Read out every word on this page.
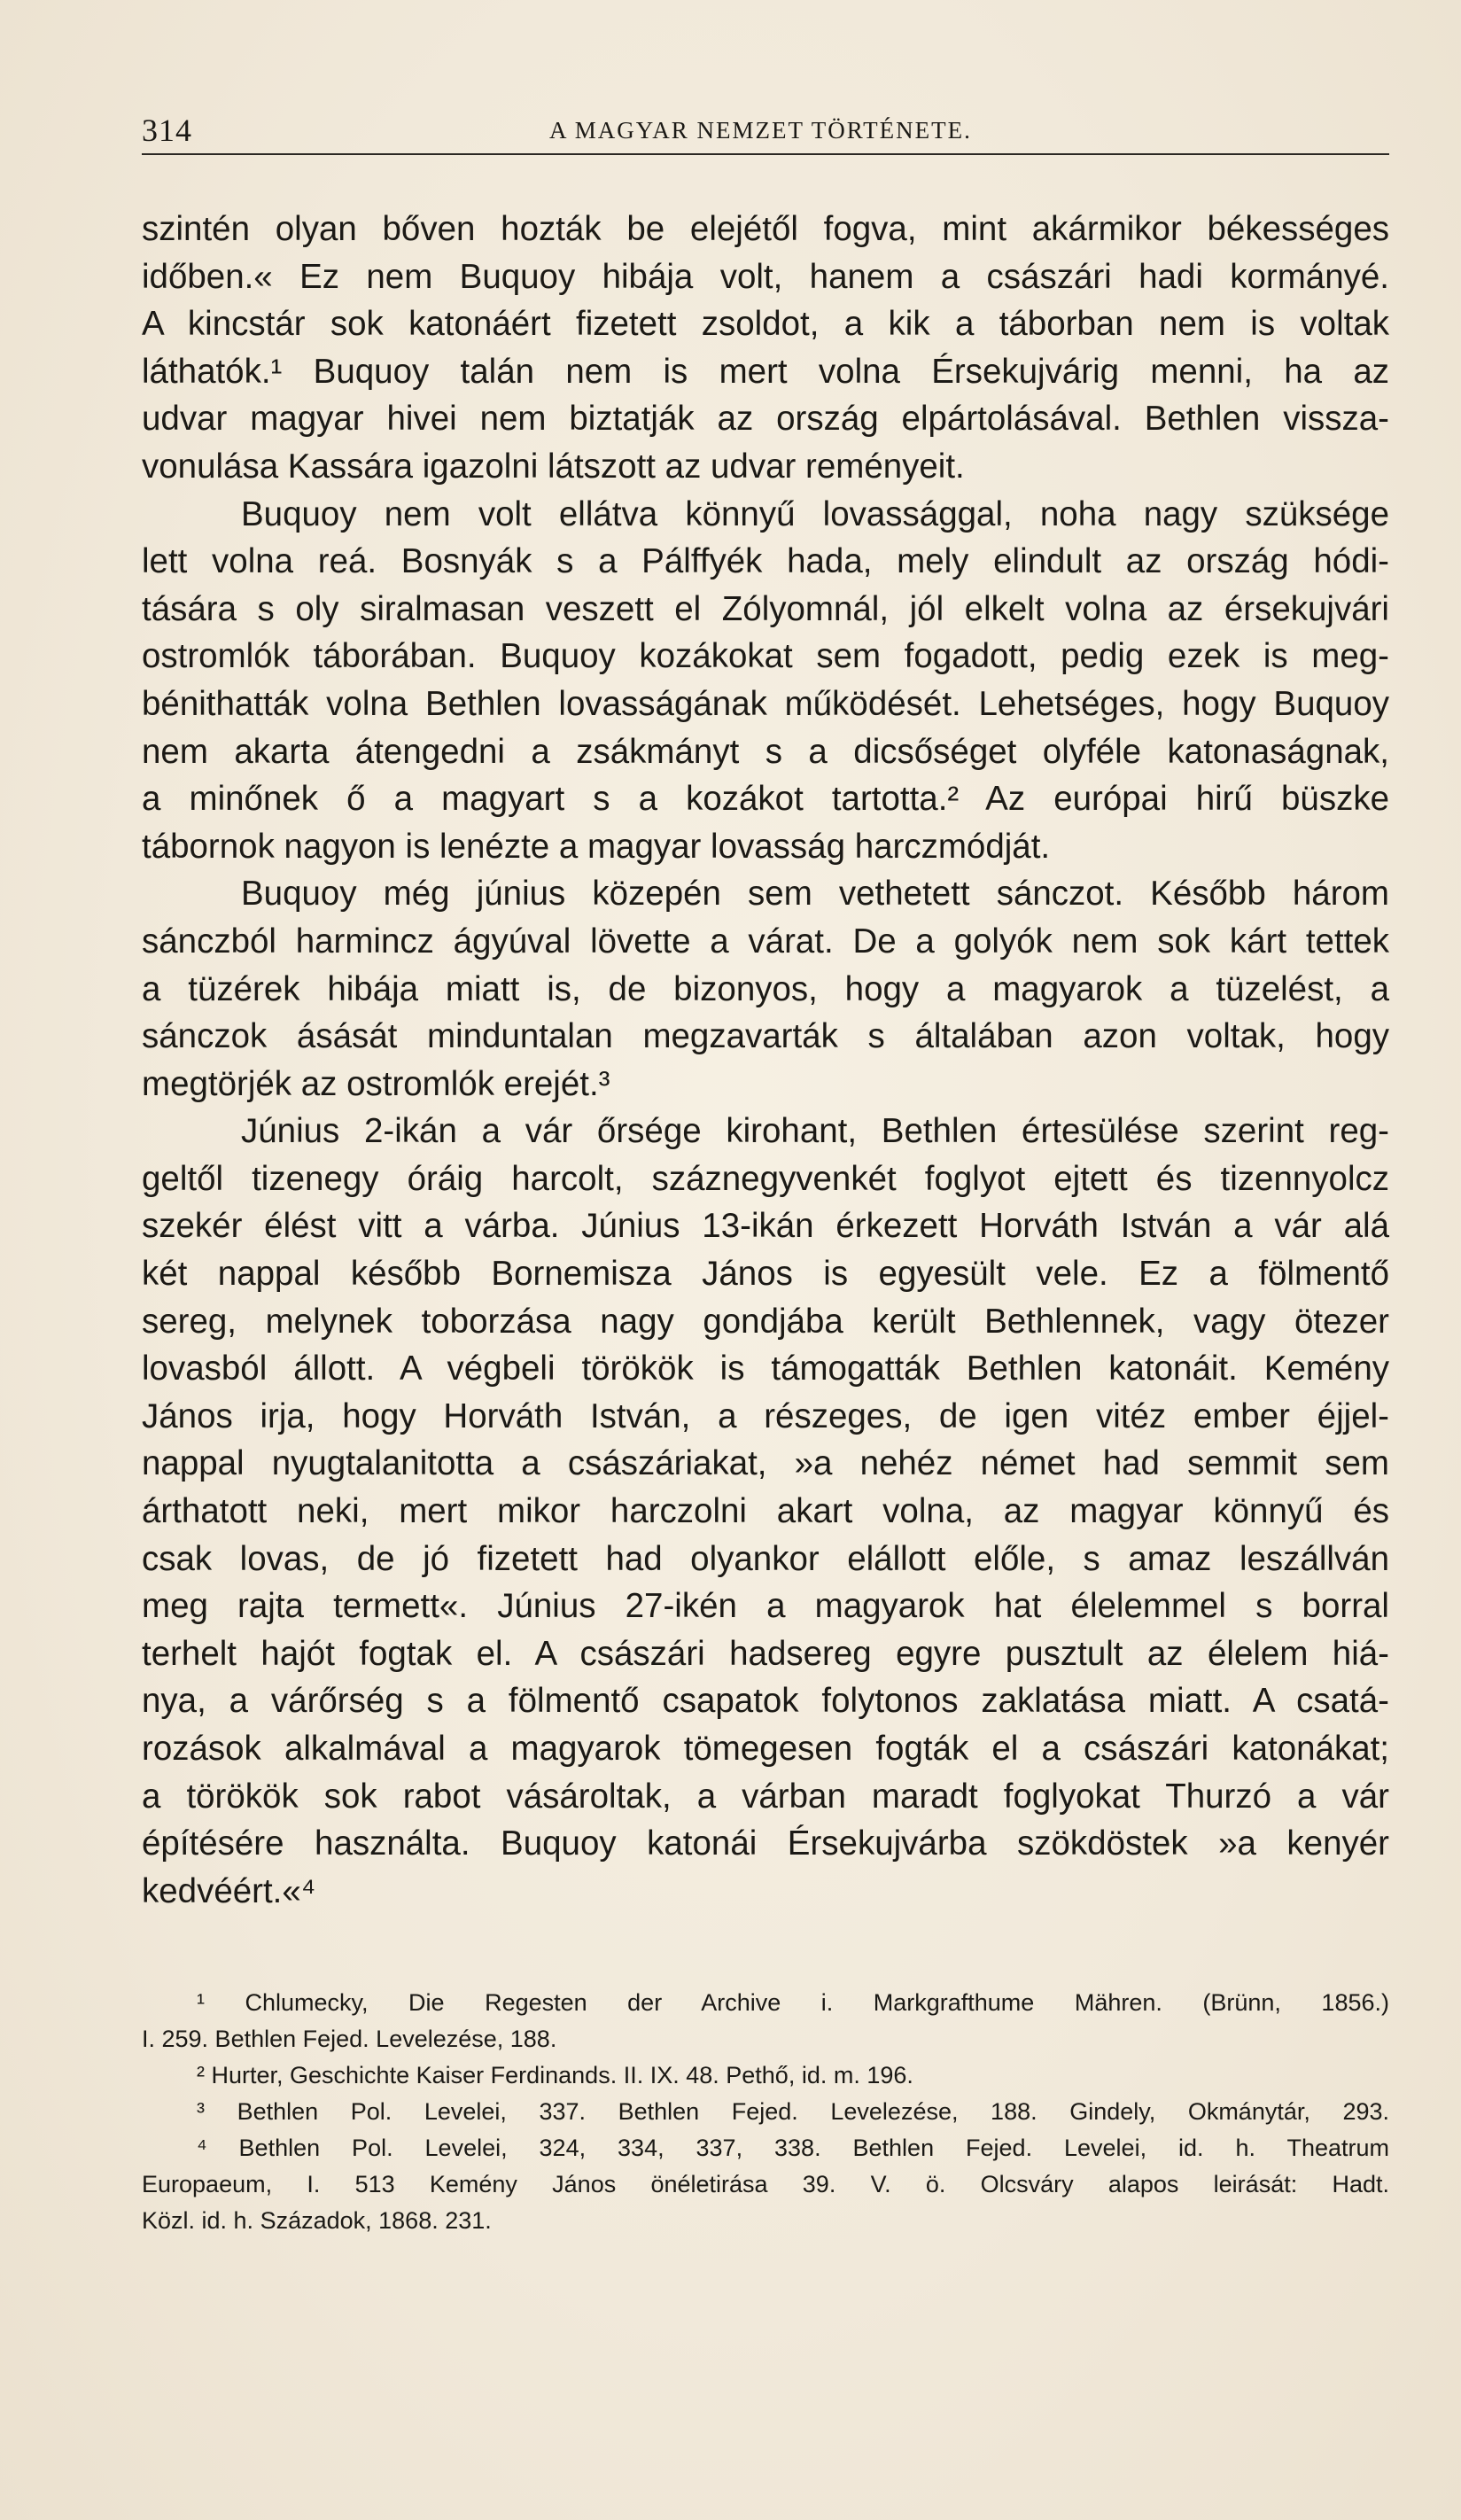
314	A MAGYAR NEMZET TÖRTÉNETE.

szintén olyan bőven hozták be elejétől fogva, mint akármikor békességes
időben.« Ez nem Buquoy hibája volt, hanem a császári hadi kormányé.
A kincstár sok katonáért fizetett zsoldot, a kik a táborban nem is voltak
láthatók.¹ Buquoy talán nem is mert volna Érsekujvárig menni, ha az
udvar magyar hivei nem biztatják az ország elpártolásával. Bethlen vissza-
vonulása Kassára igazolni látszott az udvar reményeit.

Buquoy nem volt ellátva könnyű lovassággal, noha nagy szüksége
lett volna reá. Bosnyák s a Pálffyék hada, mely elindult az ország hódi-
tására s oly siralmasan veszett el Zólyomnál, jól elkelt volna az érsekujvári
ostromlók táborában. Buquoy kozákokat sem fogadott, pedig ezek is meg-
bénithatták volna Bethlen lovasságának működését. Lehetséges, hogy Buquoy
nem akarta átengedni a zsákmányt s a dicsőséget olyféle katonaságnak,
a minőnek ő a magyart s a kozákot tartotta.² Az európai hirű büszke
tábornok nagyon is lenézte a magyar lovasság harczmódját.

Buquoy még június közepén sem vethetett sánczot. Később három
sánczból harmincz ágyúval lövette a várat. De a golyók nem sok kárt tettek
a tüzérek hibája miatt is, de bizonyos, hogy a magyarok a tüzelést, a
sánczok ásását minduntalan megzavarták s általában azon voltak, hogy
megtörjék az ostromlók erejét.³

Június 2-ikán a vár őrsége kirohant, Bethlen értesülése szerint reg-
geltől tizenegy óráig harcolt, száznegyvenkét foglyot ejtett és tizennyolcz
szekér élést vitt a várba. Június 13-ikán érkezett Horváth István a vár alá
két nappal később Bornemisza János is egyesült vele. Ez a fölmentő
sereg, melynek toborzása nagy gondjába került Bethlennek, vagy ötezer
lovasból állott. A végbeli törökök is támogatták Bethlen katonáit. Kemény
János irja, hogy Horváth István, a részeges, de igen vitéz ember éjjel-
nappal nyugtalanitotta a császáriakat, »a nehéz német had semmit sem
árthatott neki, mert mikor harczolni akart volna, az magyar könnyű és
csak lovas, de jó fizetett had olyankor elállott előle, s amaz leszállván
meg rajta termett«. Június 27-ikén a magyarok hat élelemmel s borral
terhelt hajót fogtak el. A császári hadsereg egyre pusztult az élelem hiá-
nya, a várőrség s a fölmentő csapatok folytonos zaklatása miatt. A csatá-
rozások alkalmával a magyarok tömegesen fogták el a császári katonákat;
a törökök sok rabot vásároltak, a várban maradt foglyokat Thurzó a vár
építésére használta. Buquoy katonái Érsekujvárba szökdöstek »a kenyér
kedvéért.«⁴

¹ Chlumecky, Die Regesten der Archive i. Markgrafthume Mähren. (Brünn, 1856.)
I. 259. Bethlen Fejed. Levelezése, 188.
² Hurter, Geschichte Kaiser Ferdinands. II. IX. 48. Pethő, id. m. 196.
³ Bethlen Pol. Levelei, 337. Bethlen Fejed. Levelezése, 188. Gindely, Okmánytár, 293.
⁴ Bethlen Pol. Levelei, 324, 334, 337, 338. Bethlen Fejed. Levelei, id. h. Theatrum
Europaeum, I. 513 Kemény János önéletirása 39. V. ö. Olcsváry alapos leirását: Hadt.
Közl. id. h. Századok, 1868. 231.
